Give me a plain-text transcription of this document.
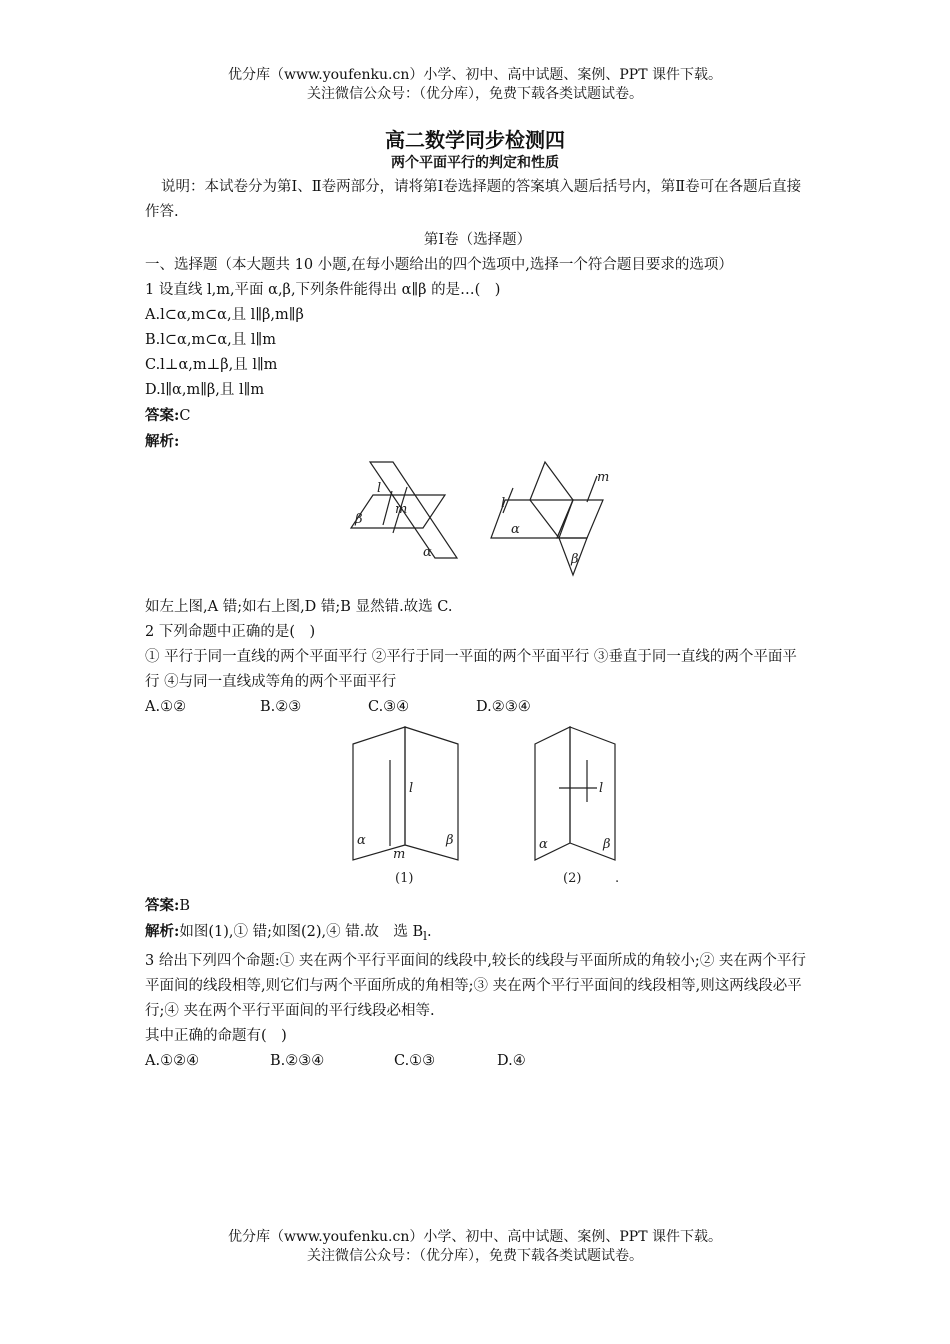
优分库（www.youfenku.cn）小学、初中、高中试题、案例、PPT 课件下载。
关注微信公众号：（优分库），免费下载各类试题试卷。
高二数学同步检测四
两个平面平行的判定和性质

说明：本试卷分为第Ⅰ、Ⅱ卷两部分，请将第Ⅰ卷选择题的答案填入题后括号内，第Ⅱ卷可在各题后直接作答.

第Ⅰ卷（选择题）

一、选择题（本大题共 10 小题,在每小题给出的四个选项中,选择一个符合题目要求的选项）

1 设直线 l,m,平面 α,β,下列条件能得出 α∥β 的是…(　)

A.l⊂α,m⊂α,且 l∥β,m∥β

B.l⊂α,m⊂α,且 l∥m

C.l⊥α,m⊥β,且 l∥m

D.l∥α,m∥β,且 l∥m

答案:C

解析:

l
m
β
α
l
m
α
β

如左上图,A 错;如右上图,D 错;B 显然错.故选 C.

2 下列命题中正确的是(　)

① 平行于同一直线的两个平面平行 ②平行于同一平面的两个平面平行 ③垂直于同一直线的两个平面平行 ④与同一直线成等角的两个平面平行

A.①②	B.②③	C.③④	D.②③④
l
α
m
β
l
α	β
(1)	(2)	.

答案:B

解析:如图(1),① 错;如图(2),④ 错.故　选 $B_l$.

3 给出下列四个命题:① 夹在两个平行平面间的线段中,较长的线段与平面所成的角较小;② 夹在两个平行平面间的线段相等,则它们与两个平面所成的角相等;③ 夹在两个平行平面间的线段相等,则这两线段必平行;④ 夹在两个平行平面间的平行线段必相等.

其中正确的命题有(　)

A.①②④	B.②③④	C.①③	D.④
优分库（www.youfenku.cn）小学、初中、高中试题、案例、PPT 课件下载。
关注微信公众号：（优分库），免费下载各类试题试卷。
